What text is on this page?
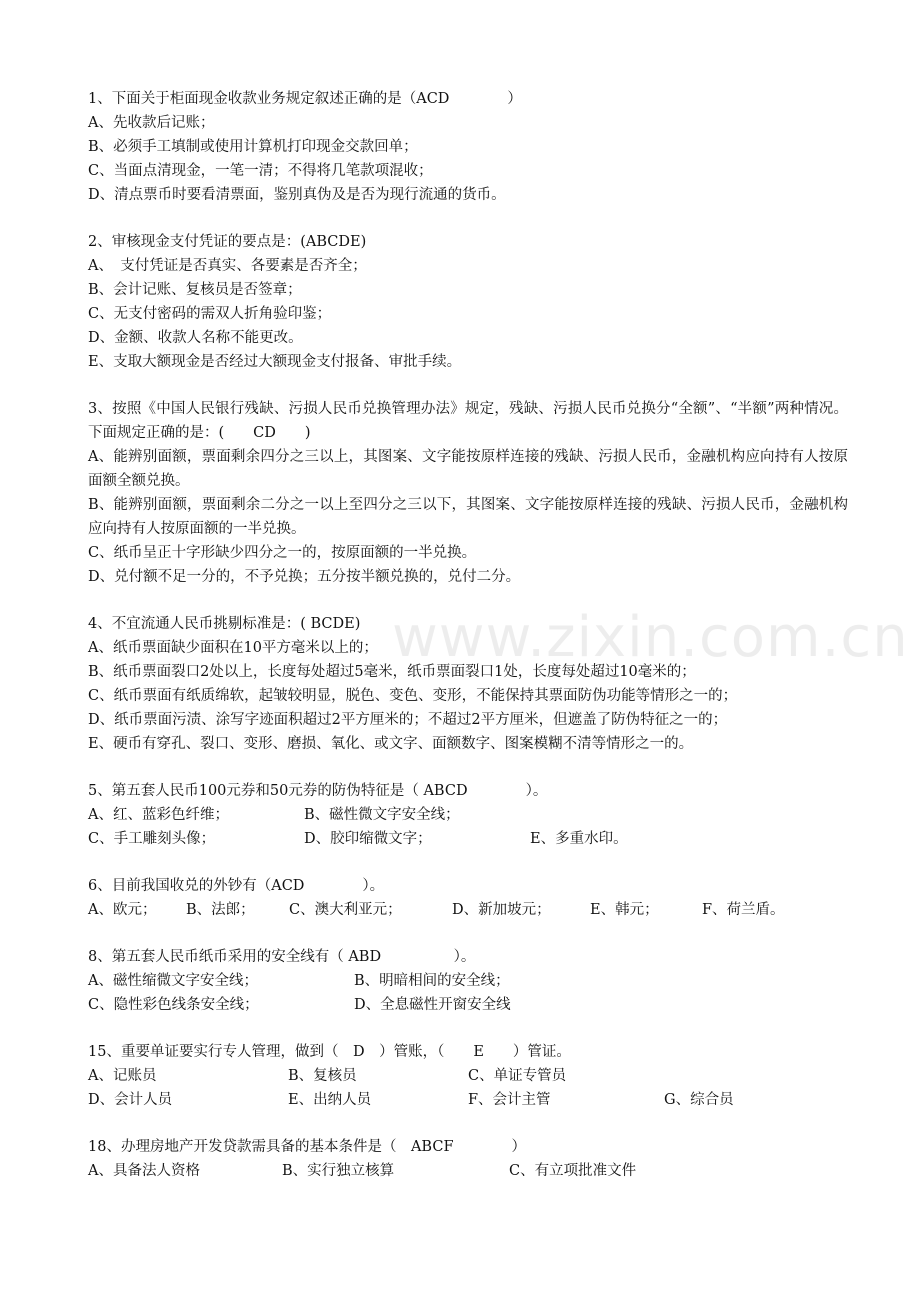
www.zixin.com.cn
1、下面关于柜面现金收款业务规定叙述正确的是（ACD　　　　）
A、先收款后记账；
B、必须手工填制或使用计算机打印现金交款回单；
C、当面点清现金，一笔一清；不得将几笔款项混收；
D、清点票币时要看清票面，鉴别真伪及是否为现行流通的货币。
2、审核现金支付凭证的要点是：(ABCDE)
A、　支付凭证是否真实、各要素是否齐全；
B、会计记账、复核员是否签章；
C、无支付密码的需双人折角验印鉴；
D、金额、收款人名称不能更改。
E、支取大额现金是否经过大额现金支付报备、审批手续。
3、按照《中国人民银行残缺、污损人民币兑换管理办法》规定，残缺、污损人民币兑换分“全额”、“半额”两种情况。下面规定正确的是：(　　CD　　)
A、能辨别面额，票面剩余四分之三以上，其图案、文字能按原样连接的残缺、污损人民币，金融机构应向持有人按原面额全额兑换。
B、能辨别面额，票面剩余二分之一以上至四分之三以下，其图案、文字能按原样连接的残缺、污损人民币，金融机构应向持有人按原面额的一半兑换。
C、纸币呈正十字形缺少四分之一的，按原面额的一半兑换。
D、兑付额不足一分的，不予兑换；五分按半额兑换的，兑付二分。
4、不宜流通人民币挑剔标准是：( BCDE)
A、纸币票面缺少面积在10平方毫米以上的；
B、纸币票面裂口2处以上，长度每处超过5毫米，纸币票面裂口1处，长度每处超过10毫米的；
C、纸币票面有纸质绵软，起皱较明显，脱色、变色、变形，不能保持其票面防伪功能等情形之一的；
D、纸币票面污渍、涂写字迹面积超过2平方厘米的；不超过2平方厘米，但遮盖了防伪特征之一的；
E、硬币有穿孔、裂口、变形、磨损、氧化、或文字、面额数字、图案模糊不清等情形之一的。
5、第五套人民币100元券和50元券的防伪特征是（ ABCD　　　　）。
A、红、蓝彩色纤维；	B、磁性微文字安全线；
C、手工雕刻头像；	D、胶印缩微文字；	E、多重水印。
6、目前我国收兑的外钞有（ACD　　　　）。
A、欧元； B、法郎； C、澳大利亚元；	D、新加坡元；	E、韩元；	F、荷兰盾。
8、第五套人民币纸币采用的安全线有（ ABD　　　　　）。
A、磁性缩微文字安全线；	B、明暗相间的安全线；
C、隐性彩色线条安全线；	D、全息磁性开窗安全线
15、重要单证要实行专人管理，做到（　D　）管账，（　　E　　）管证。
A、记账员	B、复核员	C、单证专管员
D、会计人员	E、出纳人员	F、会计主管	G、综合员
18、办理房地产开发贷款需具备的基本条件是（　ABCF　　　　）
A、具备法人资格	B、实行独立核算	C、有立项批准文件
